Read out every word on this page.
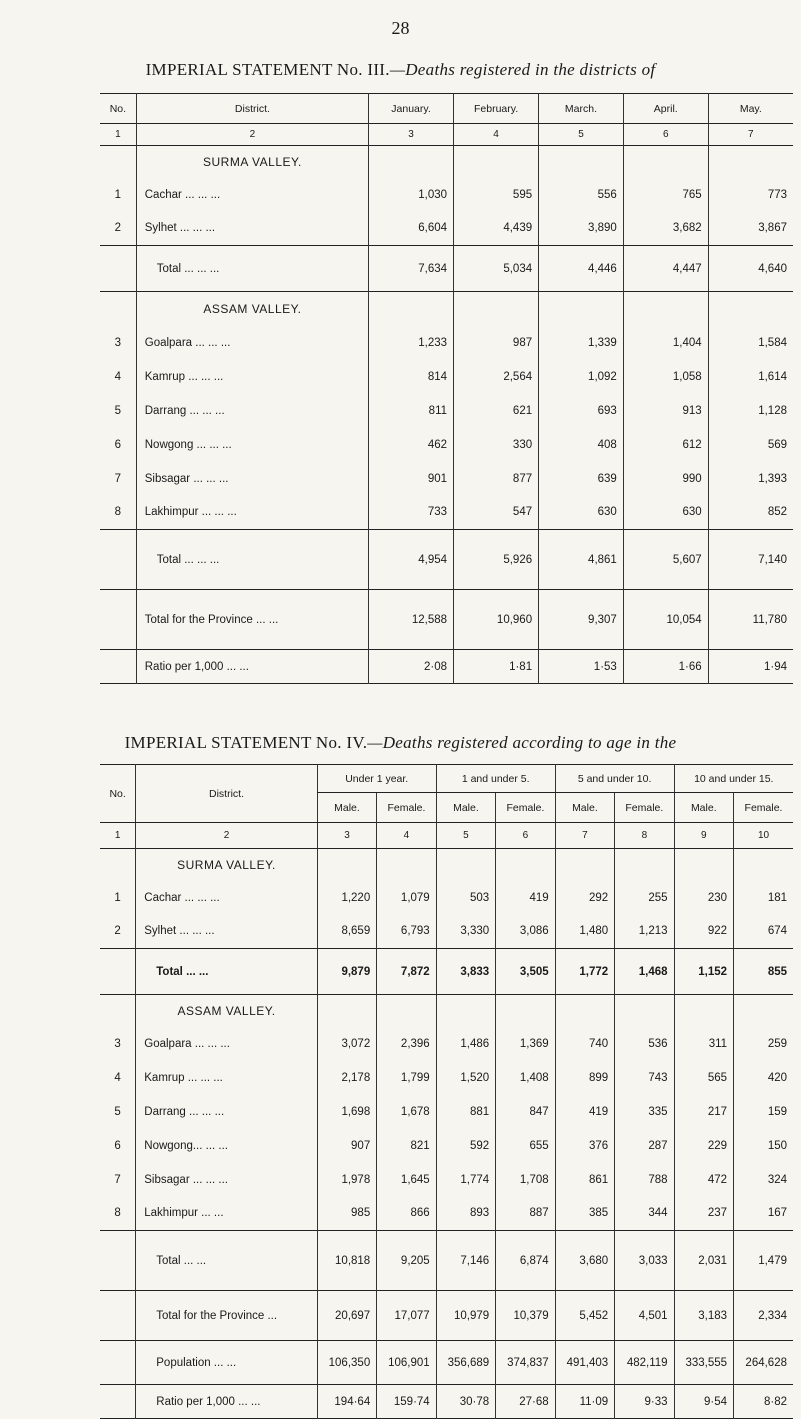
28
IMPERIAL STATEMENT No. III.—Deaths registered in the districts of
No.	District.	January.	February.	March.	April.	May.
1	2	3	4	5	6	7
	SURMA VALLEY.					
1	Cachar ... ... ...	1,030	595	556	765	773
2	Sylhet ... ... ...	6,604	4,439	3,890	3,682	3,867
	Total ... ... ...	7,634	5,034	4,446	4,447	4,640
	ASSAM VALLEY.					
3	Goalpara ... ... ...	1,233	987	1,339	1,404	1,584
4	Kamrup ... ... ...	814	2,564	1,092	1,058	1,614
5	Darrang ... ... ...	811	621	693	913	1,128
6	Nowgong ... ... ...	462	330	408	612	569
7	Sibsagar ... ... ...	901	877	639	990	1,393
8	Lakhimpur ... ... ...	733	547	630	630	852
	Total ... ... ...	4,954	5,926	4,861	5,607	7,140
	Total for the Province ... ...	12,588	10,960	9,307	10,054	11,780
	Ratio per 1,000 ... ...	2·08	1·81	1·53	1·66	1·94
IMPERIAL STATEMENT No. IV.—Deaths registered according to age in the
No.	District.	Under 1 year.		1 and under 5.		5 and under 10.		10 and under 15.	
		Male.	Female.	Male.	Female.	Male.	Female.	Male.	Female.
1	2	3	4	5	6	7	8	9	10
	SURMA VALLEY.								
1	Cachar ... ... ...	1,220	1,079	503	419	292	255	230	181
2	Sylhet ... ... ...	8,659	6,793	3,330	3,086	1,480	1,213	922	674
	Total ... ...	9,879	7,872	3,833	3,505	1,772	1,468	1,152	855
	ASSAM VALLEY.								
3	Goalpara ... ... ...	3,072	2,396	1,486	1,369	740	536	311	259
4	Kamrup ... ... ...	2,178	1,799	1,520	1,408	899	743	565	420
5	Darrang ... ... ...	1,698	1,678	881	847	419	335	217	159
6	Nowgong... ... ...	907	821	592	655	376	287	229	150
7	Sibsagar ... ... ...	1,978	1,645	1,774	1,708	861	788	472	324
8	Lakhimpur ... ...	985	866	893	887	385	344	237	167
	Total ... ...	10,818	9,205	7,146	6,874	3,680	3,033	2,031	1,479
	Total for the Province ...	20,697	17,077	10,979	10,379	5,452	4,501	3,183	2,334
	Population ... ...	106,350	106,901	356,689	374,837	491,403	482,119	333,555	264,628
	Ratio per 1,000 ... ...	194·64	159·74	30·78	27·68	11·09	9·33	9·54	8·82
